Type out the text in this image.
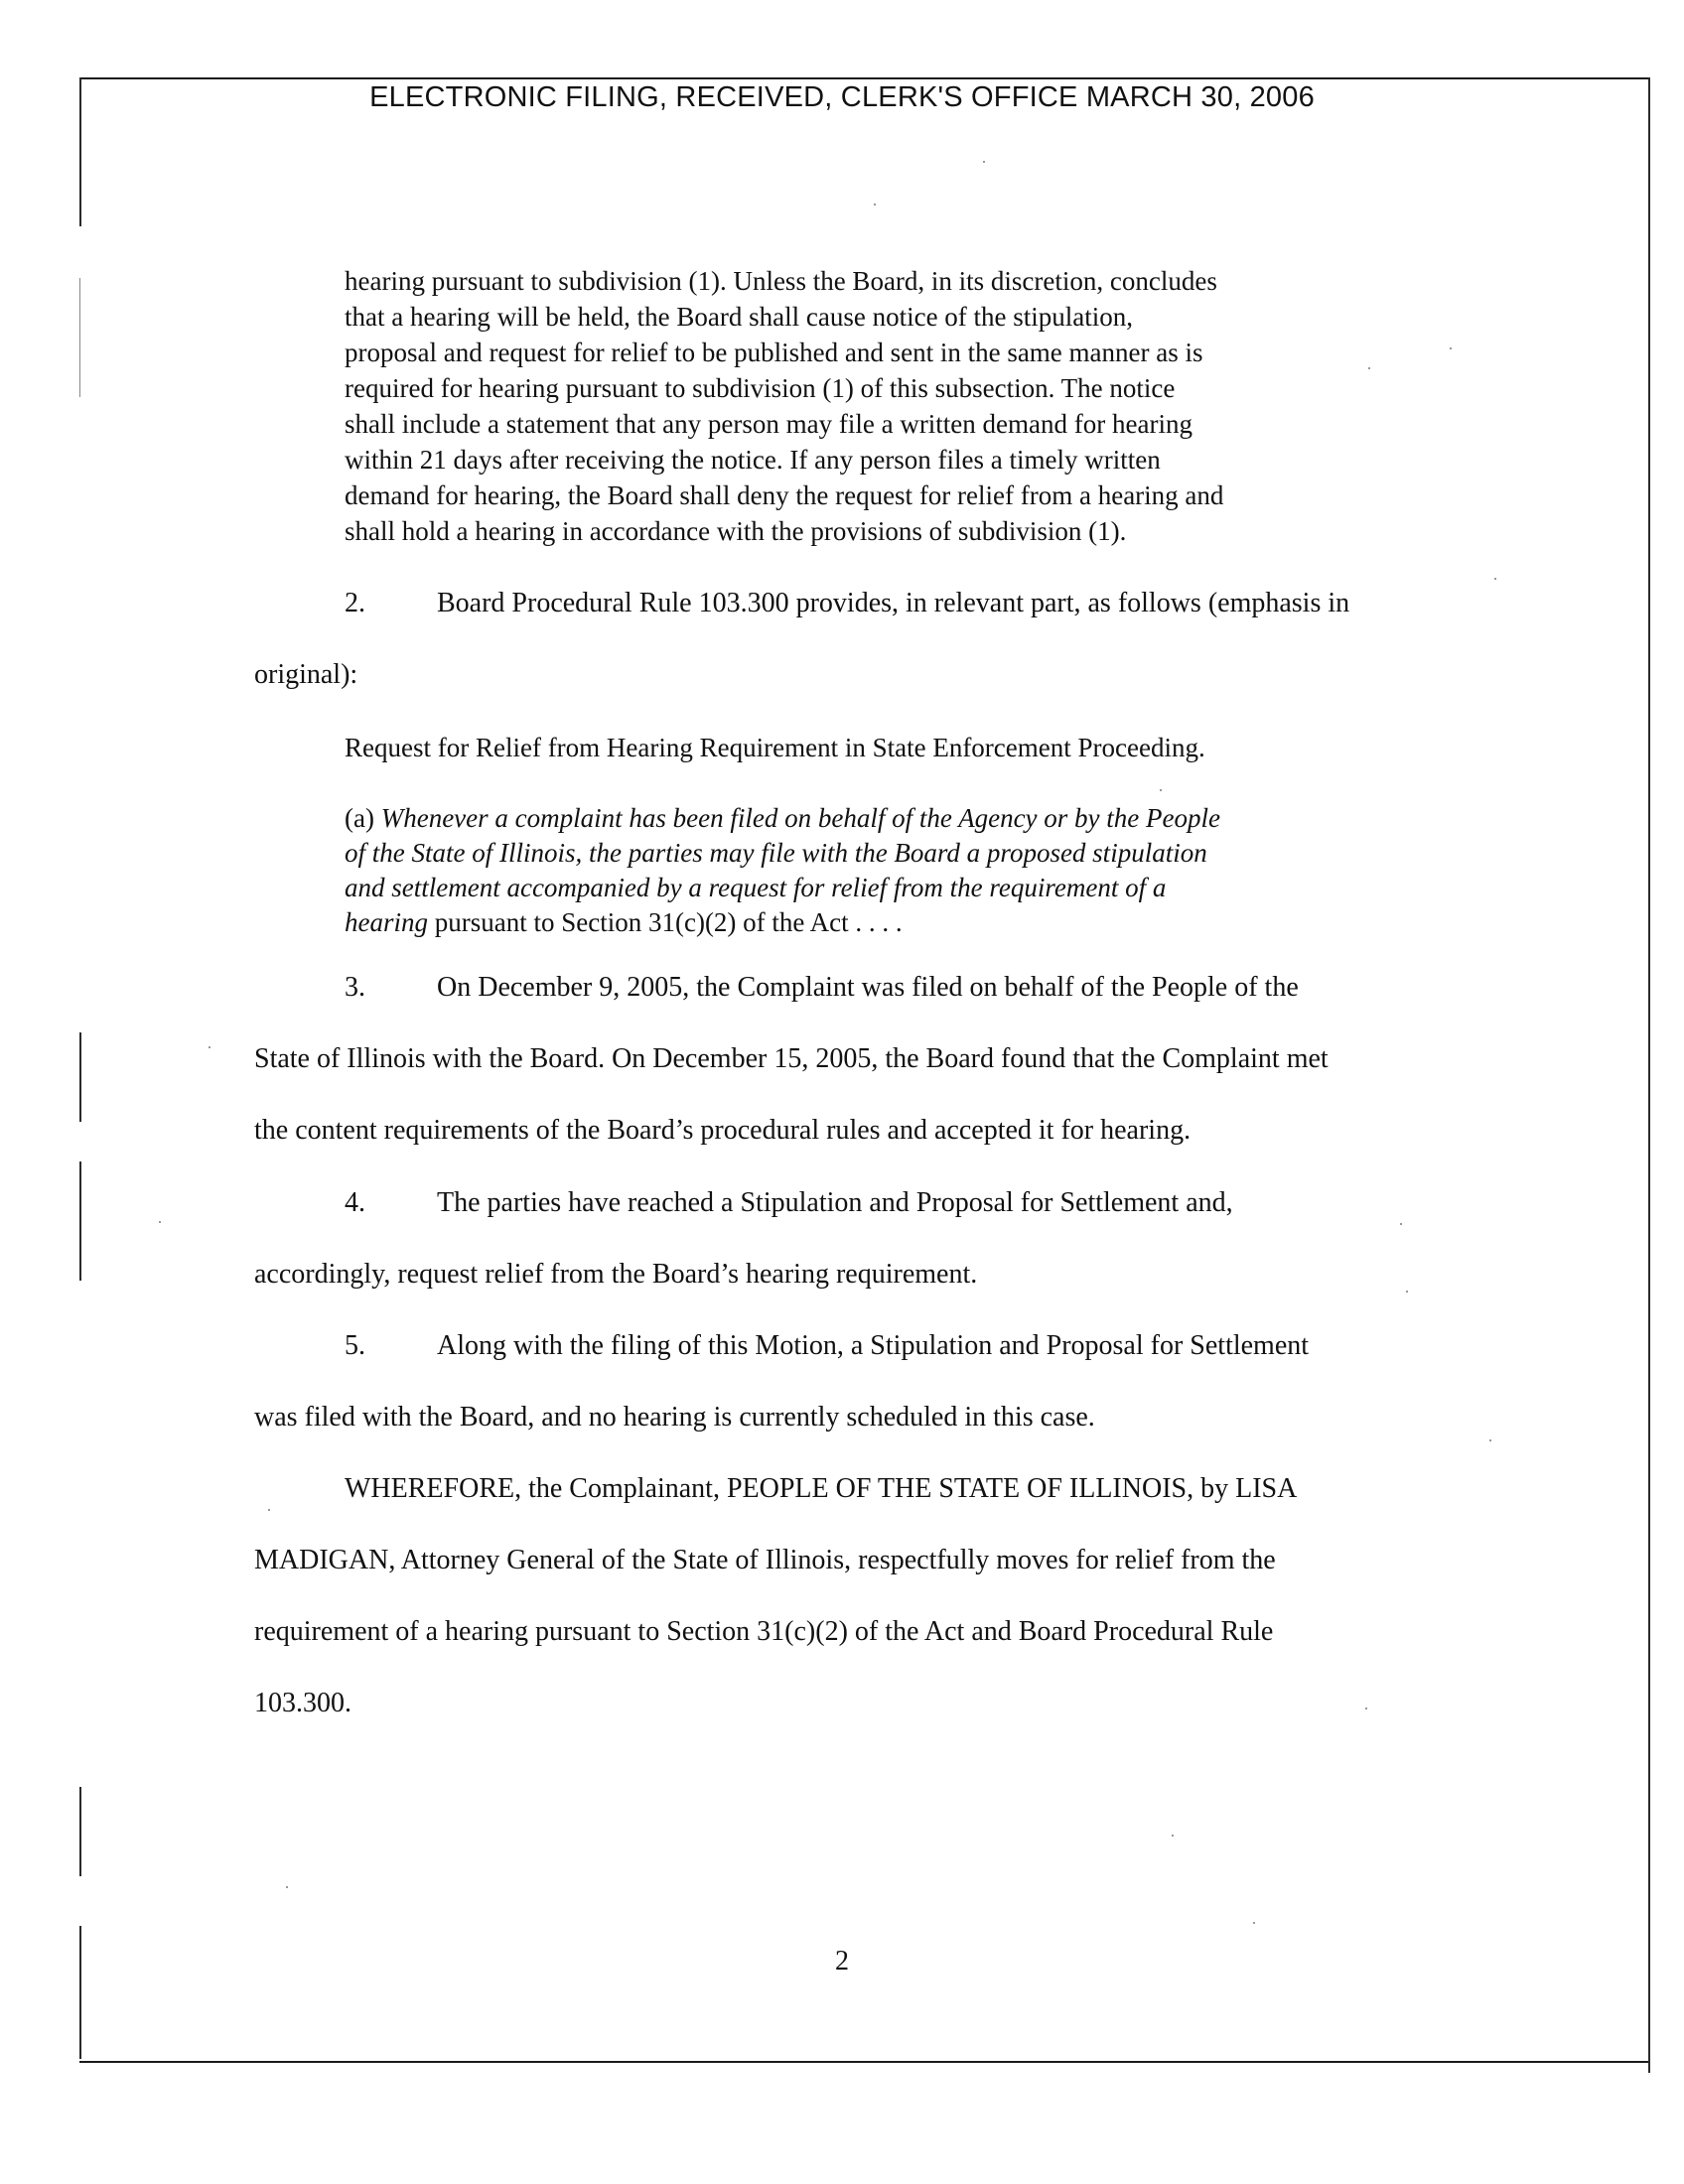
ELECTRONIC FILING, RECEIVED, CLERK'S OFFICE MARCH 30, 2006
hearing pursuant to subdivision (1). Unless the Board, in its discretion, concludes
that a hearing will be held, the Board shall cause notice of the stipulation,
proposal and request for relief to be published and sent in the same manner as is
required for hearing pursuant to subdivision (1) of this subsection. The notice
shall include a statement that any person may file a written demand for hearing
within 21 days after receiving the notice. If any person files a timely written
demand for hearing, the Board shall deny the request for relief from a hearing and
shall hold a hearing in accordance with the provisions of subdivision (1).
2.	Board Procedural Rule 103.300 provides, in relevant part, as follows (emphasis in
original):
Request for Relief from Hearing Requirement in State Enforcement Proceeding.
(a) Whenever a complaint has been filed on behalf of the Agency or by the People
of the State of Illinois, the parties may file with the Board a proposed stipulation
and settlement accompanied by a request for relief from the requirement of a
hearing pursuant to Section 31(c)(2) of the Act . . . .
3.	On December 9, 2005, the Complaint was filed on behalf of the People of the
State of Illinois with the Board. On December 15, 2005, the Board found that the Complaint met
the content requirements of the Board’s procedural rules and accepted it for hearing.
4.	The parties have reached a Stipulation and Proposal for Settlement and,
accordingly, request relief from the Board’s hearing requirement.
5.	Along with the filing of this Motion, a Stipulation and Proposal for Settlement
was filed with the Board, and no hearing is currently scheduled in this case.
WHEREFORE, the Complainant, PEOPLE OF THE STATE OF ILLINOIS, by LISA
MADIGAN, Attorney General of the State of Illinois, respectfully moves for relief from the
requirement of a hearing pursuant to Section 31(c)(2) of the Act and Board Procedural Rule
103.300.
2
